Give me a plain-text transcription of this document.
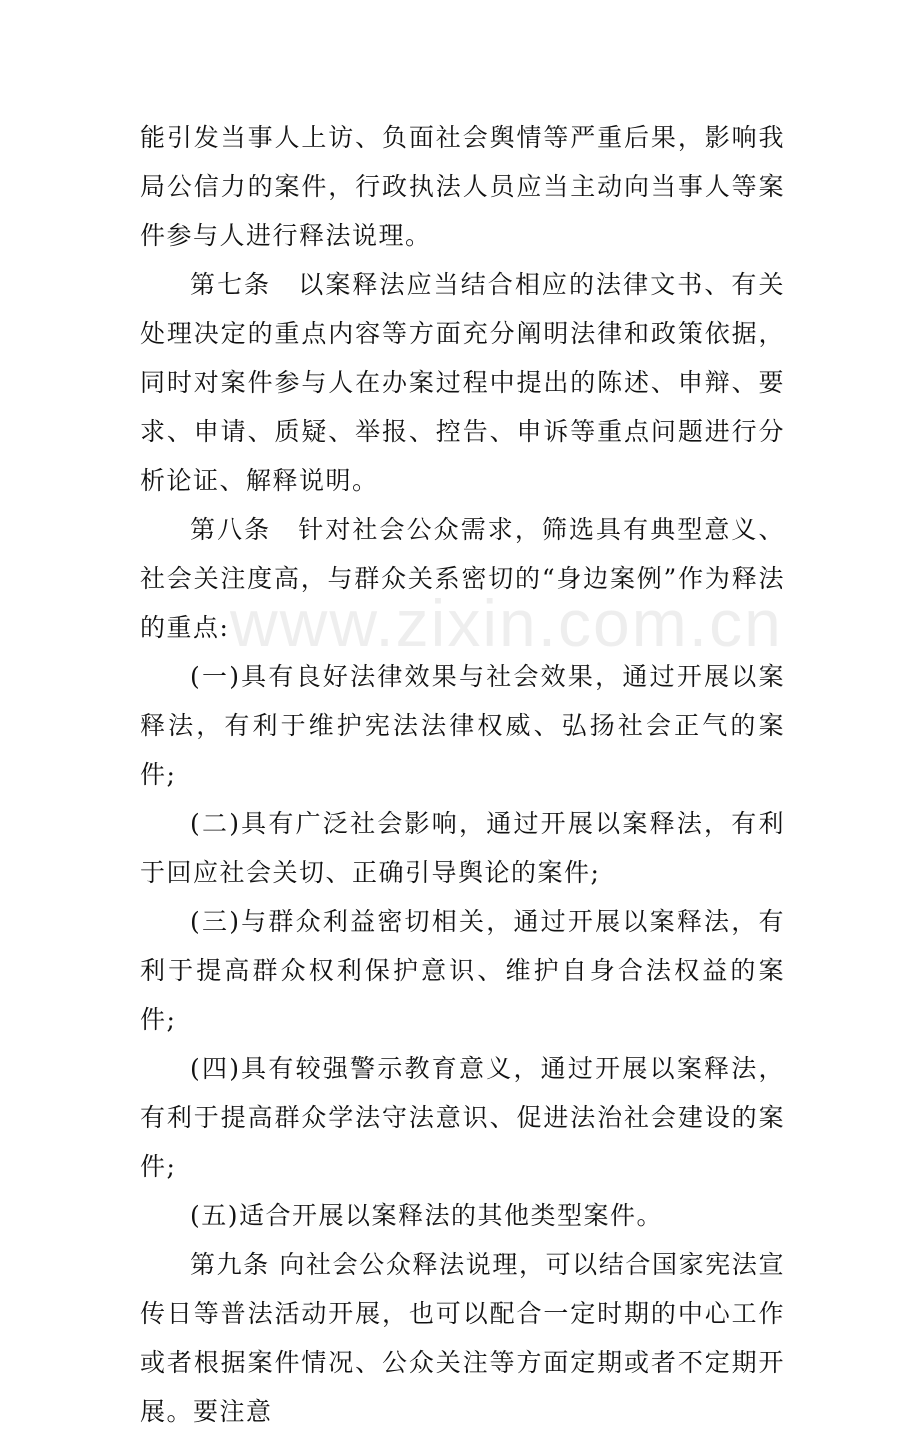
能引发当事人上访、负面社会舆情等严重后果，影响我局公信力的案件，行政执法人员应当主动向当事人等案件参与人进行释法说理。

第七条　以案释法应当结合相应的法律文书、有关处理决定的重点内容等方面充分阐明法律和政策依据，同时对案件参与人在办案过程中提出的陈述、申辩、要求、申请、质疑、举报、控告、申诉等重点问题进行分析论证、解释说明。

第八条　针对社会公众需求，筛选具有典型意义、社会关注度高，与群众关系密切的“身边案例”作为释法的重点:

(一)具有良好法律效果与社会效果，通过开展以案释法，有利于维护宪法法律权威、弘扬社会正气的案件;

(二)具有广泛社会影响，通过开展以案释法，有利于回应社会关切、正确引导舆论的案件;

(三)与群众利益密切相关，通过开展以案释法，有利于提高群众权利保护意识、维护自身合法权益的案件;

(四)具有较强警示教育意义，通过开展以案释法，有利于提高群众学法守法意识、促进法治社会建设的案件;

(五)适合开展以案释法的其他类型案件。

第九条 向社会公众释法说理，可以结合国家宪法宣传日等普法活动开展，也可以配合一定时期的中心工作或者根据案件情况、公众关注等方面定期或者不定期开展。要注意

www.zixin.com.cn
